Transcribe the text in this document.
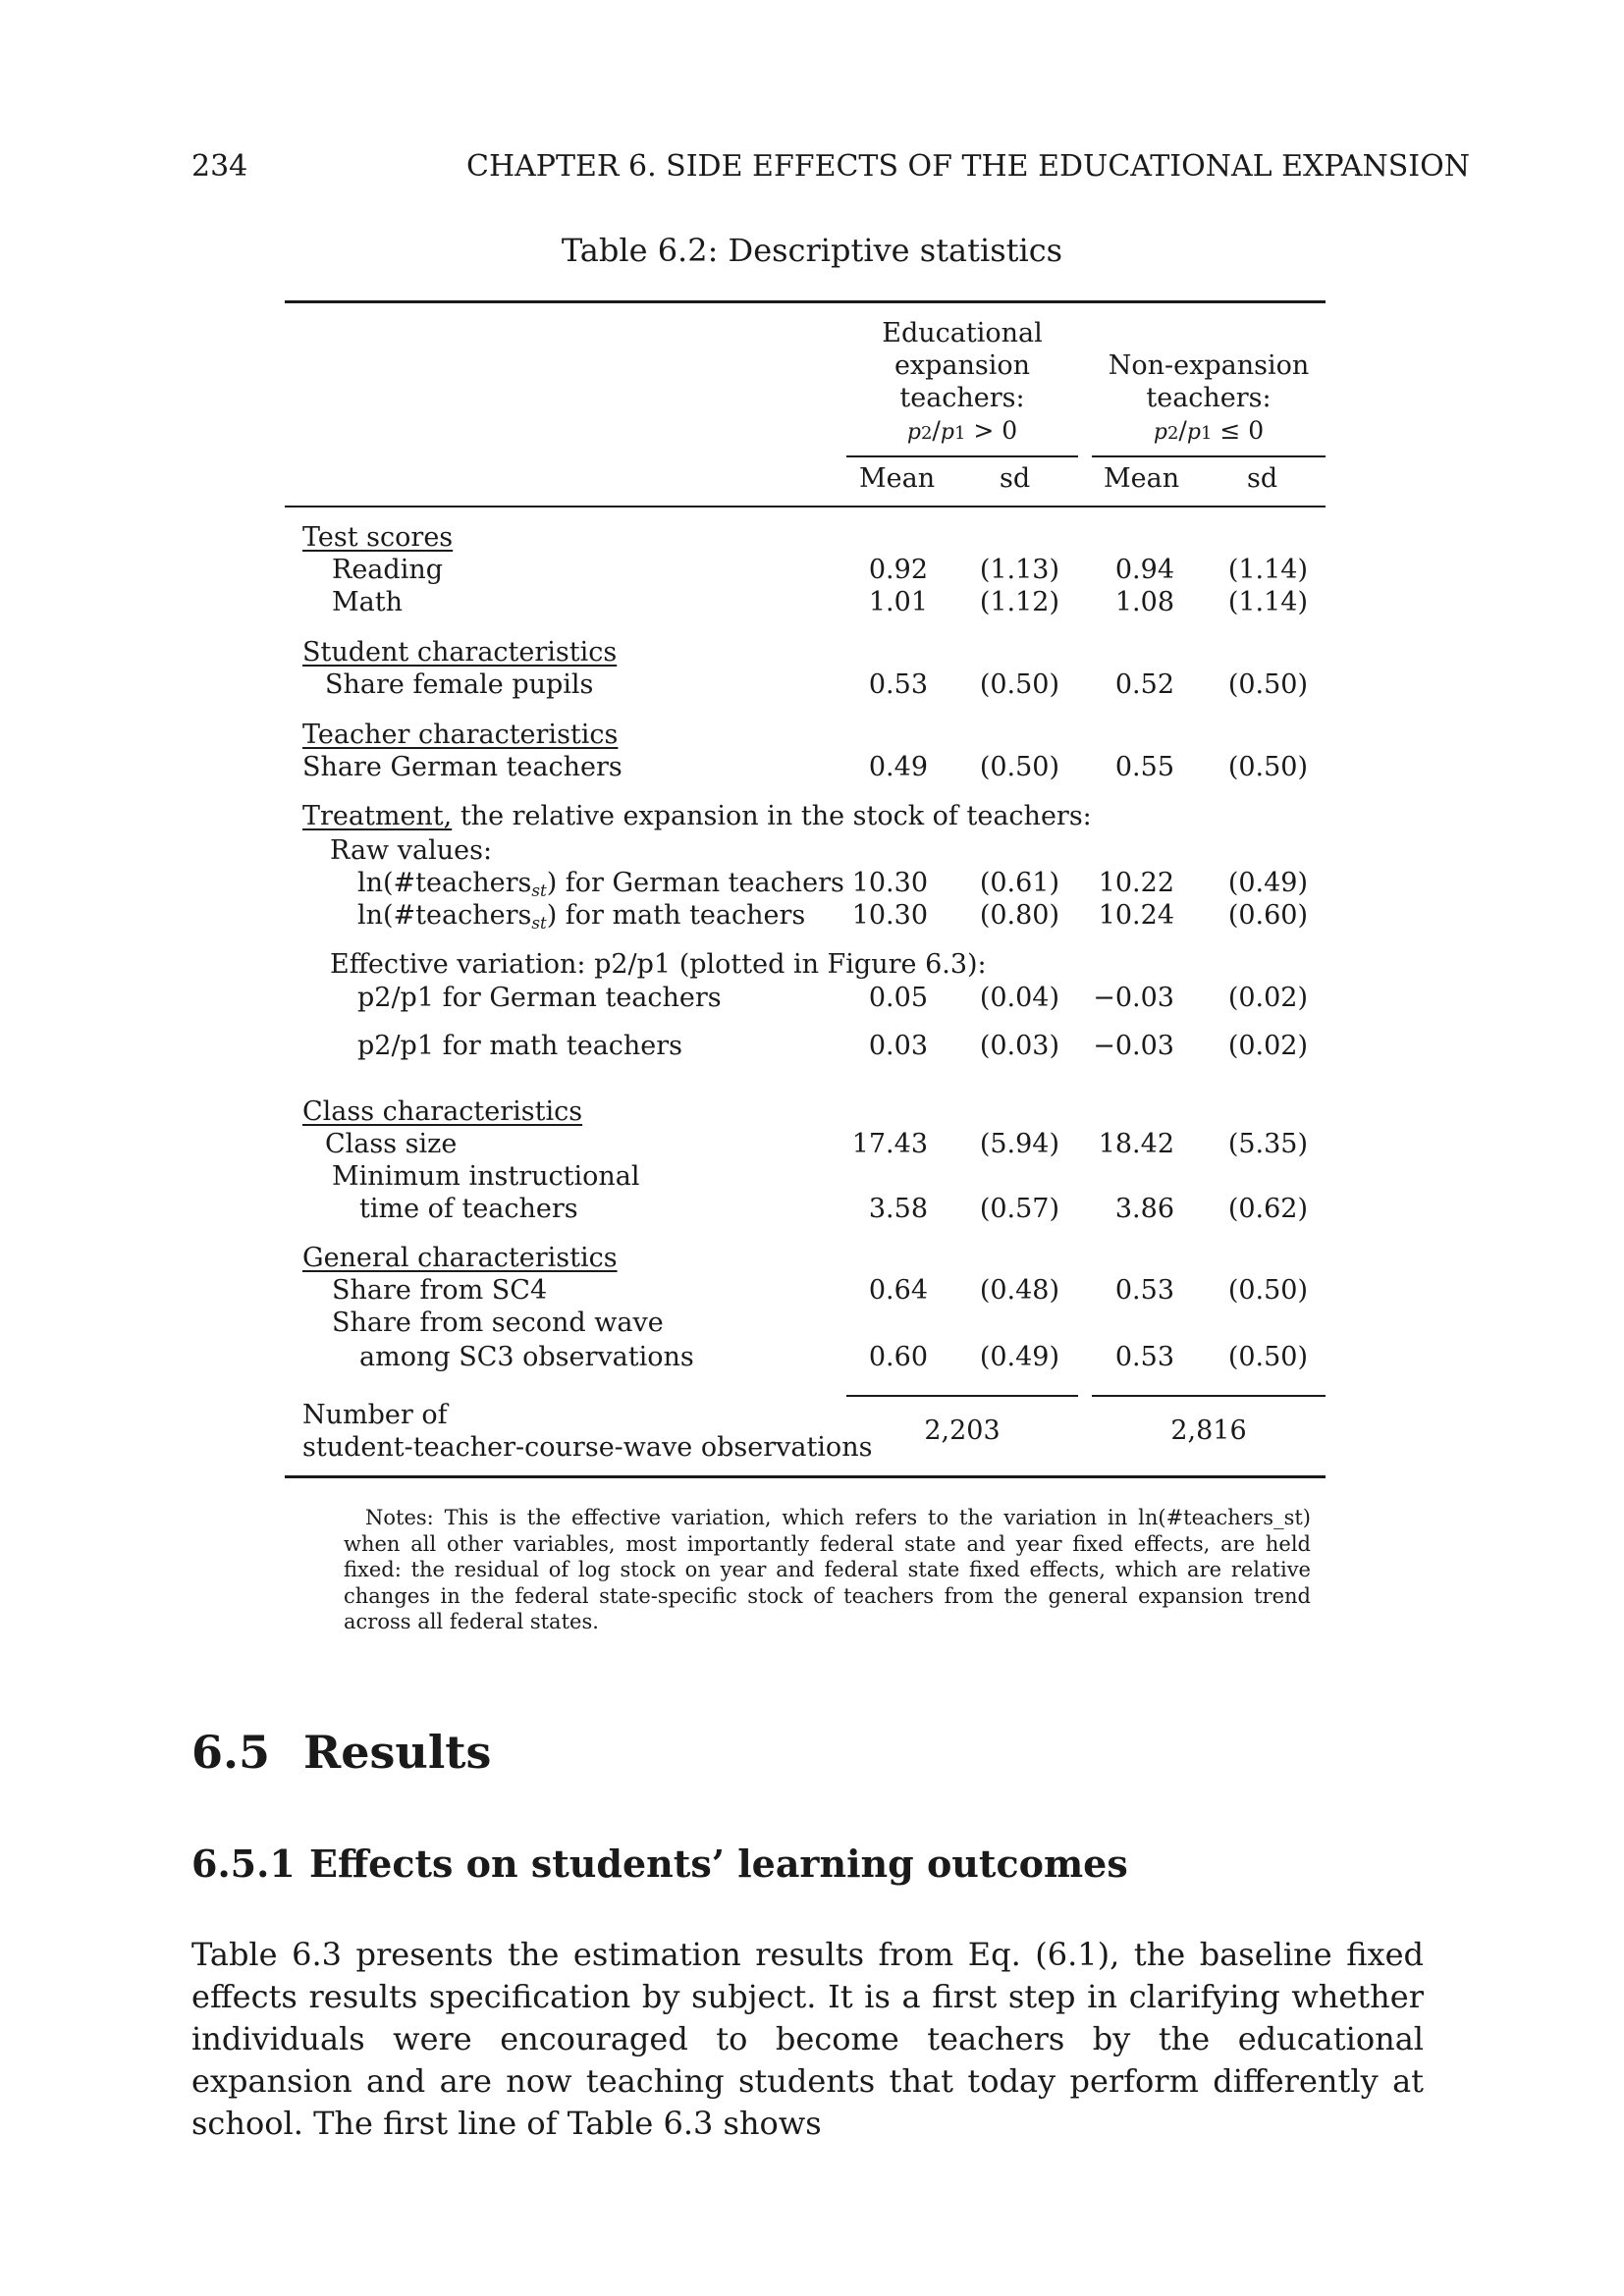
234	CHAPTER 6. SIDE EFFECTS OF THE EDUCATIONAL EXPANSION
Table 6.2: Descriptive statistics
Educational
expansion
teachers:
p2/p1 > 0
Non-expansion
teachers:
p2/p1 ≤ 0
Mean sd	Mean	sd
Test scores
Reading	0.92	(1.13)	0.94	(1.14)
Math	1.01	(1.12)	1.08	(1.14)
Student characteristics
Share female pupils	0.53	(0.50)	0.52	(0.50)
Teacher characteristics
Share German teachers	0.49	(0.50)	0.55	(0.50)
Treatment, the relative expansion in the stock of teachers:
Raw values:
ln(#teachers$_{st}$) for German teachers 10.30	(0.61)	10.22	(0.49)
ln(#teachers$_{st}$) for math teachers	10.30	(0.80)	10.24	(0.60)
Effective variation: p2/p1 (plotted in Figure 6.3):
p2/p1 for German teachers	0.05	(0.04)	−0.03	(0.02)
p2/p1 for math teachers	0.03	(0.03)	−0.03	(0.02)
Class characteristics
Class size	17.43	(5.94)	18.42	(5.35)
Minimum instructional
time of teachers	3.58	(0.57)	3.86	(0.62)
General characteristics
Share from SC4	0.64	(0.48)	0.53	(0.50)
Share from second wave
among SC3 observations	0.60	(0.49)	0.53	(0.50)
Number of
student-teacher-course-wave observations
2,203	2,816
Notes: This is the effective variation, which refers to the variation in ln(#teachers_st) when all other variables, most importantly federal state and year fixed effects, are held fixed: the residual of log stock on year and federal state fixed effects, which are relative changes in the federal state-specific stock of teachers from the general expansion trend across all federal states.
6.5 Results
6.5.1 Effects on students’ learning outcomes
Table 6.3 presents the estimation results from Eq. (6.1), the baseline fixed effects results specification by subject. It is a first step in clarifying whether individuals were encouraged to become teachers by the educational expansion and are now teaching students that today perform differently at school. The first line of Table 6.3 shows
